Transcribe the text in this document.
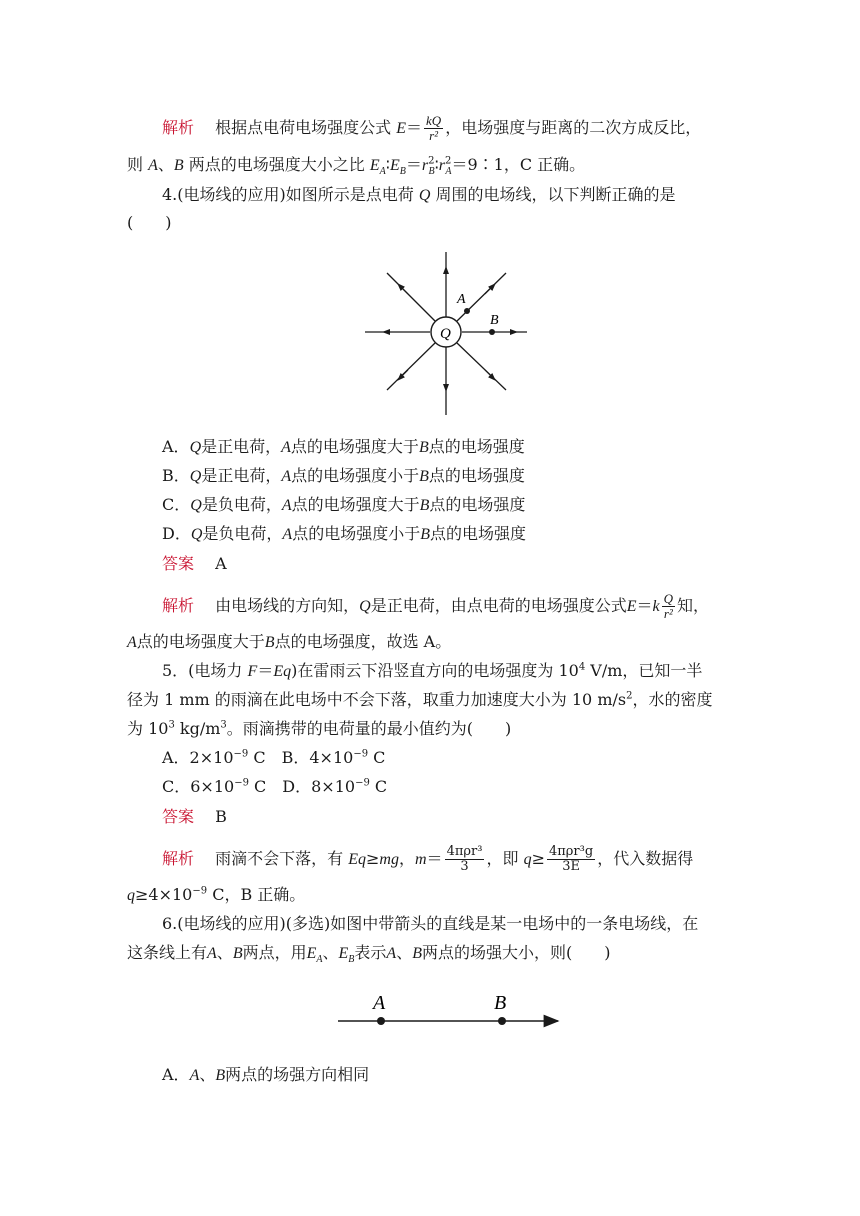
解析　 根据点电荷电场强度公式 $E= \frac{kQ}{\text{r²}}$ ，电场强度与距离的二次方成反比，
则 A、B 两点的电场强度大小之比 $E_A∶E_B=r^2_B∶r^2_A=9∶1$，C 正确。
4.(电场线的应用)如图所示是点电荷 Q 周围的电场线，以下判断正确的是
(　　)
Q
A
B
A．Q是正电荷，A点的电场强度大于B点的电场强度
B．Q是正电荷，A点的电场强度小于B点的电场强度
C．Q是负电荷，A点的电场强度大于B点的电场强度
D．Q是负电荷，A点的电场强度小于B点的电场强度
答案　 A
解析　 由电场线的方向知，Q是正电荷，由点电荷的电场强度公式$E=k \frac{Q}{\text{r²}}$ 知，
A点的电场强度大于B点的电场强度，故选 A。
5．(电场力 F＝Eq)在雷雨云下沿竖直方向的电场强度为 $10^4$ V/m，已知一半
径为 1 mm 的雨滴在此电场中不会下落，取重力加速度大小为 10 $m/s^2$，水的密度
为 $10^3$ $kg/m^3$。雨滴携带的电荷量的最小值约为(　　)
A．$2\times 10^{-9}$ C　 B．$4\times 10^{-9}$ C
C．$6\times 10^{-9}$ C　 D．$8\times 10^{-9}$ C
答案　 B
解析　 雨滴不会下落，有 Eq≥mg，$m= \frac{\text{4πρr³}}{3}$ ，即 $q\ge \frac{\text{4πρr³g}}{3E}$ ，代入数据得
$q\ge 4\times 10^{-9}$ C，B 正确。
6.(电场线的应用)(多选)如图中带箭头的直线是某一电场中的一条电场线，在
这条线上有A、B两点，用$E_A$、$E_B$表示A、B两点的场强大小，则(　　)
A	B
A．A、B两点的场强方向相同
